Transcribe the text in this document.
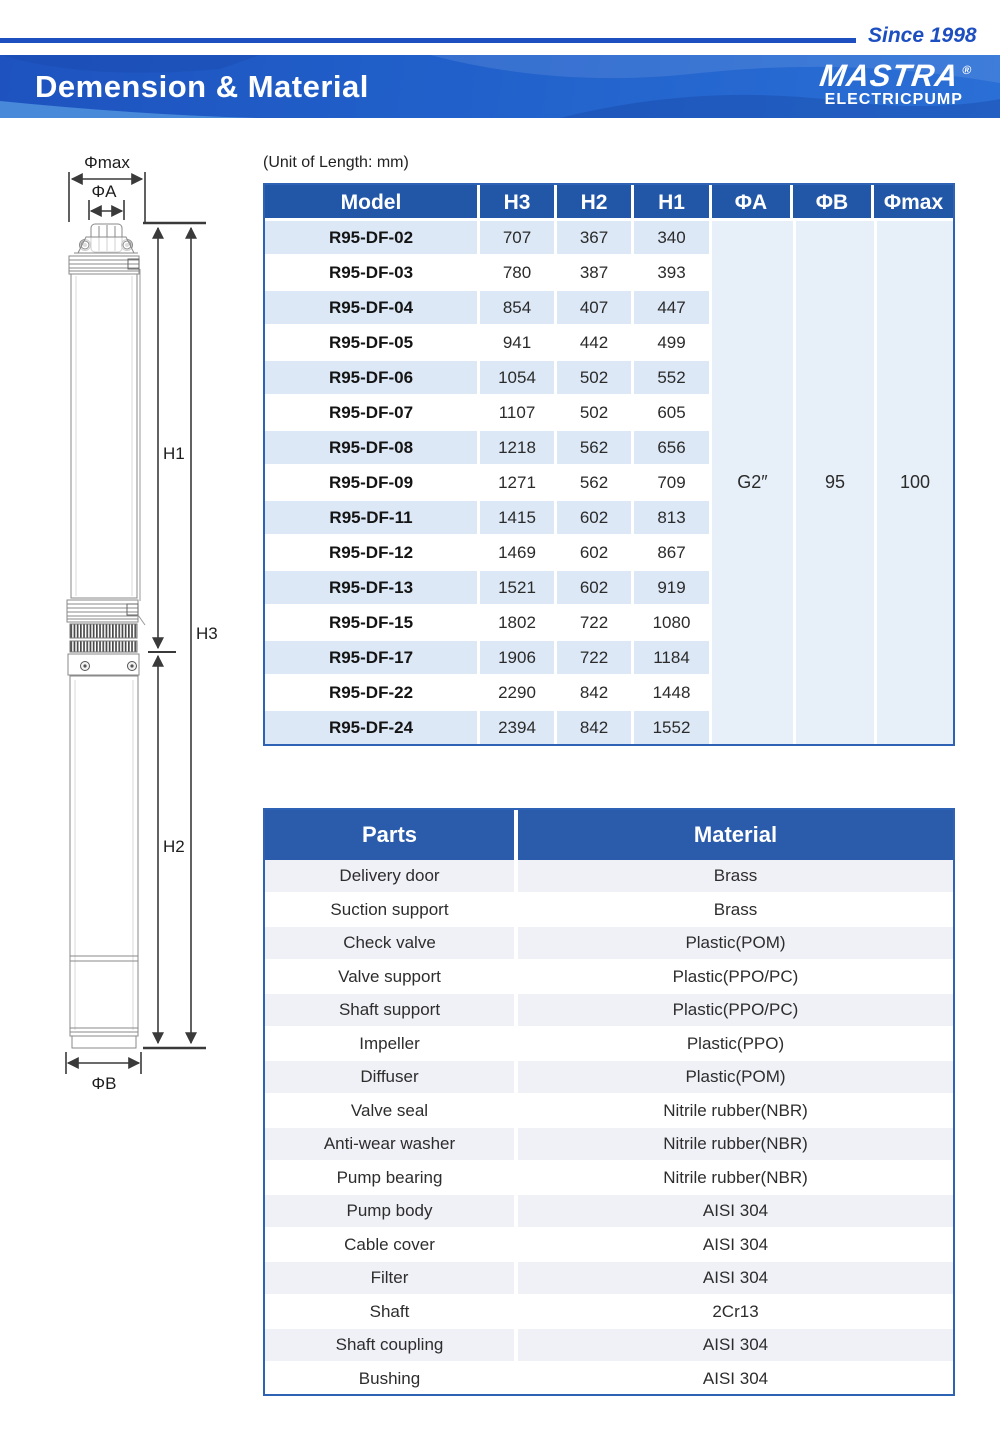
Since 1998
Demension & Material	MASTRA®
ELECTRICPUMP
(Unit of Length: mm)
Φmax
ΦA
ΦB
H1
H3
H2
Model	H3	H2	H1	ΦA	ΦB	Φmax
R95-DF-02	707	367	340
R95-DF-03	780	387	393
R95-DF-04	854	407	447
R95-DF-05	941	442	499
R95-DF-06	1054	502	552
R95-DF-07	1107	502	605
R95-DF-08	1218	562	656
R95-DF-09	1271	562	709
R95-DF-11	1415	602	813
R95-DF-12	1469	602	867
R95-DF-13	1521	602	919
R95-DF-15	1802	722	1080
R95-DF-17	1906	722	1184
R95-DF-22	2290	842	1448
R95-DF-24	2394	842	1552
G2″	95	100
Parts	Material
Delivery door	Brass
Suction support	Brass
Check valve	Plastic(POM)
Valve support	Plastic(PPO/PC)
Shaft support	Plastic(PPO/PC)
Impeller	Plastic(PPO)
Diffuser	Plastic(POM)
Valve seal	Nitrile rubber(NBR)
Anti-wear washer	Nitrile rubber(NBR)
Pump bearing	Nitrile rubber(NBR)
Pump body	AISI 304
Cable cover	AISI 304
Filter	AISI 304
Shaft	2Cr13
Shaft coupling	AISI 304
Bushing	AISI 304
